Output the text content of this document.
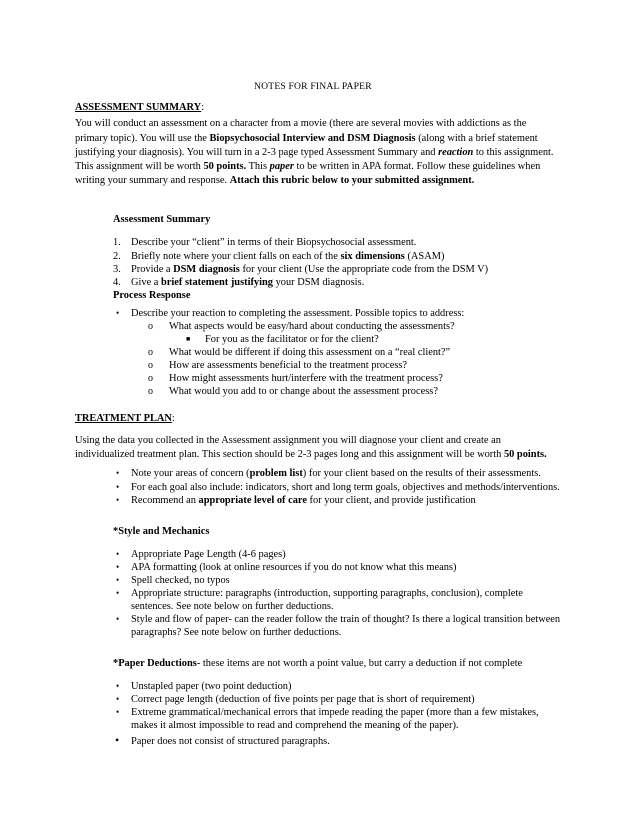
NOTES FOR FINAL PAPER
ASSESSMENT SUMMARY:
You will conduct an assessment on a character from a movie (there are several movies with addictions as the
primary topic). You will use the Biopsychosocial Interview and DSM Diagnosis (along with a brief statement
justifying your diagnosis). You will turn in a 2-3 page typed Assessment Summary and reaction to this assignment.
This assignment will be worth 50 points. This paper to be written in APA format. Follow these guidelines when
writing your summary and response. Attach this rubric below to your submitted assignment.
Assessment Summary
1. Describe your “client” in terms of their Biopsychosocial assessment.
2. Briefly note where your client falls on each of the six dimensions (ASAM)
3. Provide a DSM diagnosis for your client (Use the appropriate code from the DSM V)
4. Give a brief statement justifying your DSM diagnosis.
Process Response
• Describe your reaction to completing the assessment. Possible topics to address:
o What aspects would be easy/hard about conducting the assessments?
■ For you as the facilitator or for the client?
o What would be different if doing this assessment on a “real client?”
o How are assessments beneficial to the treatment process?
o How might assessments hurt/interfere with the treatment process?
o What would you add to or change about the assessment process?
TREATMENT PLAN:
Using the data you collected in the Assessment assignment you will diagnose your client and create an
individualized treatment plan. This section should be 2-3 pages long and this assignment will be worth 50 points.
• Note your areas of concern (problem list) for your client based on the results of their assessments.
• For each goal also include: indicators, short and long term goals, objectives and methods/interventions.
• Recommend an appropriate level of care for your client, and provide justification
*Style and Mechanics
• Appropriate Page Length (4-6 pages)
• APA formatting (look at online resources if you do not know what this means)
• Spell checked, no typos
• Appropriate structure: paragraphs (introduction, supporting paragraphs, conclusion), complete
sentences. See note below on further deductions.
• Style and flow of paper- can the reader follow the train of thought? Is there a logical transition between
paragraphs? See note below on further deductions.
*Paper Deductions- these items are not worth a point value, but carry a deduction if not complete
• Unstapled paper (two point deduction)
• Correct page length (deduction of five points per page that is short of requirement)
• Extreme grammatical/mechanical errors that impede reading the paper (more than a few mistakes,
makes it almost impossible to read and comprehend the meaning of the paper).
• Paper does not consist of structured paragraphs.
